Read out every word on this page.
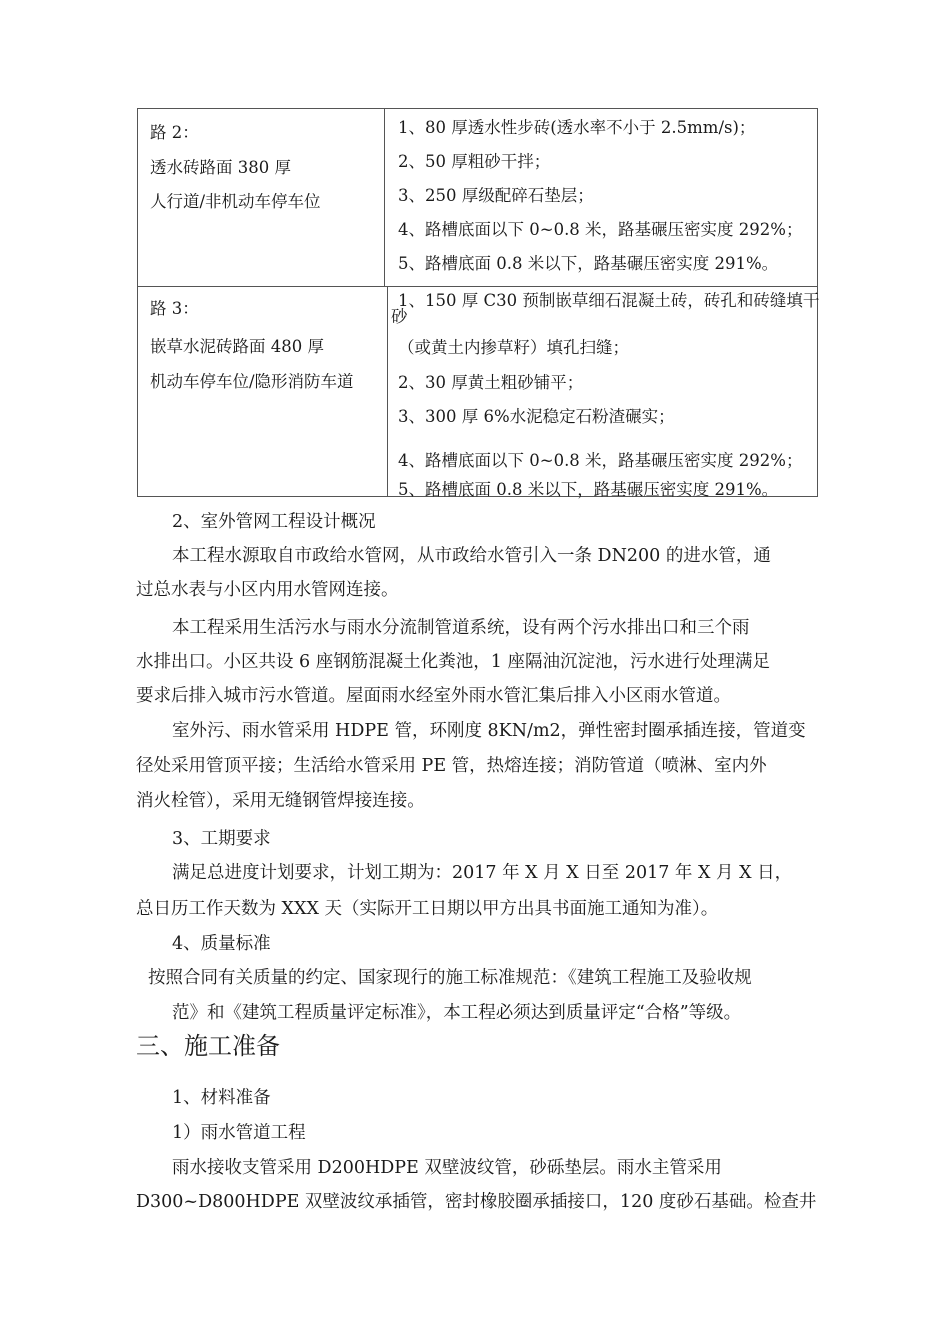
路 2：
透水砖路面 380 厚
人行道/非机动车停车位
1、80 厚透水性步砖(透水率不小于 2.5mm/s)；
2、50 厚粗砂干拌；
3、250 厚级配碎石垫层；
4、路槽底面以下 0~0.8 米，路基碾压密实度 292%；
5、路槽底面 0.8 米以下，路基碾压密实度 291%。
路 3：
嵌草水泥砖路面 480 厚
机动车停车位/隐形消防车道
1、150 厚 C30 预制嵌草细石混凝土砖，砖孔和砖缝填干
砂
（或黄土内掺草籽）填孔扫缝；
2、30 厚黄土粗砂铺平；
3、300 厚 6%水泥稳定石粉渣碾实；
4、路槽底面以下 0~0.8 米，路基碾压密实度 292%；
5、路槽底面 0.8 米以下，路基碾压密实度 291%。
2、室外管网工程设计概况
本工程水源取自市政给水管网，从市政给水管引入一条 DN200 的进水管，通
过总水表与小区内用水管网连接。
本工程采用生活污水与雨水分流制管道系统，设有两个污水排出口和三个雨
水排出口。小区共设 6 座钢筋混凝土化粪池，1 座隔油沉淀池，污水进行处理满足
要求后排入城市污水管道。屋面雨水经室外雨水管汇集后排入小区雨水管道。
室外污、雨水管采用 HDPE 管，环刚度 8KN/m2，弹性密封圈承插连接，管道变
径处采用管顶平接；生活给水管采用 PE 管，热熔连接；消防管道（喷淋、室内外
消火栓管），采用无缝钢管焊接连接。
3、工期要求
满足总进度计划要求，计划工期为：2017 年 X 月 X 日至 2017 年 X 月 X 日，
总日历工作天数为 XXX 天（实际开工日期以甲方出具书面施工通知为准）。
4、质量标准
按照合同有关质量的约定、国家现行的施工标准规范：《建筑工程施工及验收规
范》和《建筑工程质量评定标准》，本工程必须达到质量评定“合格”等级。
三、施工准备
1、材料准备
1）雨水管道工程
雨水接收支管采用 D200HDPE 双壁波纹管，砂砾垫层。雨水主管采用
D300~D800HDPE 双壁波纹承插管，密封橡胶圈承插接口，120 度砂石基础。检查井
